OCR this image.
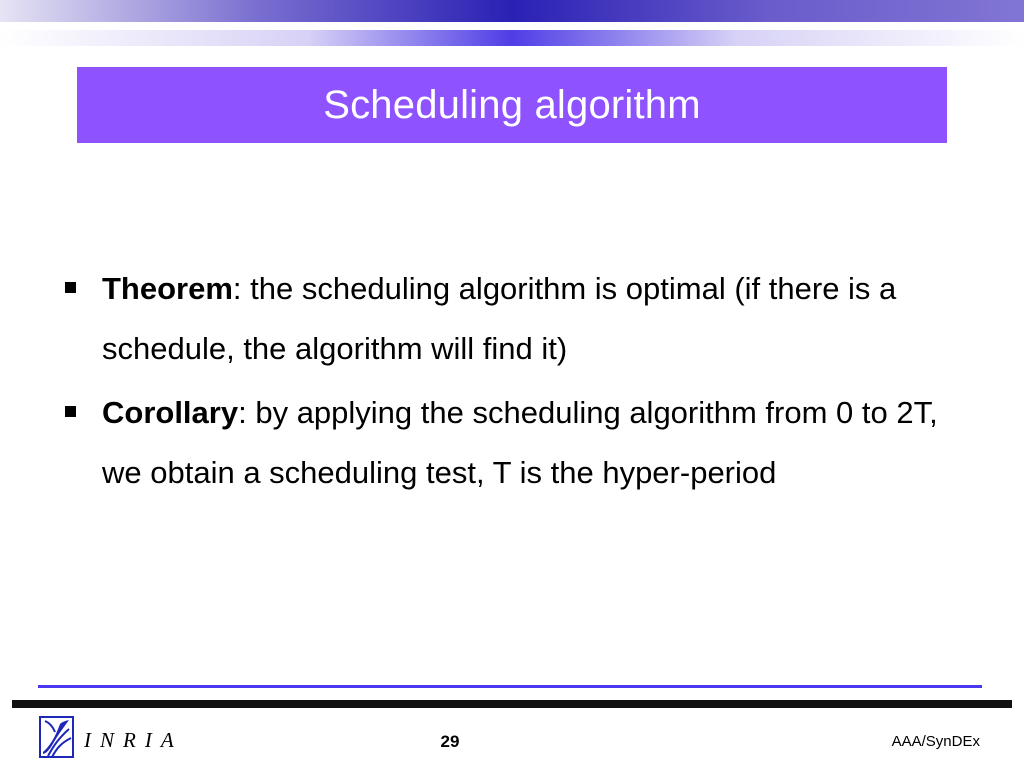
Scheduling algorithm
Theorem: the scheduling algorithm is optimal (if there is a schedule, the algorithm will find it)
Corollary: by applying the scheduling algorithm from 0 to 2T, we obtain a scheduling test, T is the hyper-period
INRIA	29	AAA/SynDEx
